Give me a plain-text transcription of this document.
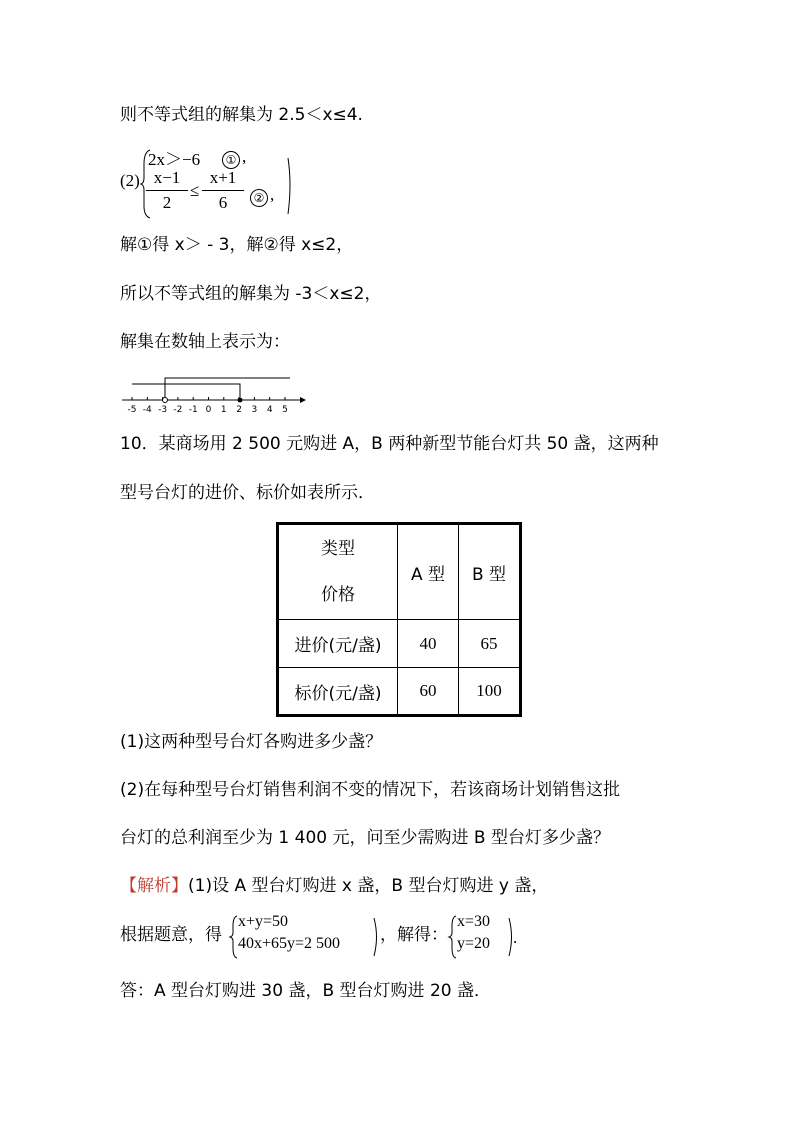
则不等式组的解集为 2.5＜x≤4.
(2)
2x＞−6	① ,
x−1
2
≤
x+1
6	② ,
解①得 x＞ - 3，解②得 x≤2，
所以不等式组的解集为 -3＜x≤2，
解集在数轴上表示为：
-5 -4 -3 -2 -1 0 1 2 3 4 5
10．某商场用 2 500 元购进 A，B 两种新型节能台灯共 50 盏，这两种
型号台灯的进价、标价如表所示．
类型
价格	A 型	B 型
进价(元/盏)	40	65
标价(元/盏)	60	100
(1)这两种型号台灯各购进多少盏？
(2)在每种型号台灯销售利润不变的情况下，若该商场计划销售这批
台灯的总利润至少为 1 400 元，问至少需购进 B 型台灯多少盏？
【解析】(1)设 A 型台灯购进 x 盏，B 型台灯购进 y 盏，
根据题意，得
x+y=50
40x+65y=2 500 ，解得：
x=30
y=20 .
答：A 型台灯购进 30 盏，B 型台灯购进 20 盏．
